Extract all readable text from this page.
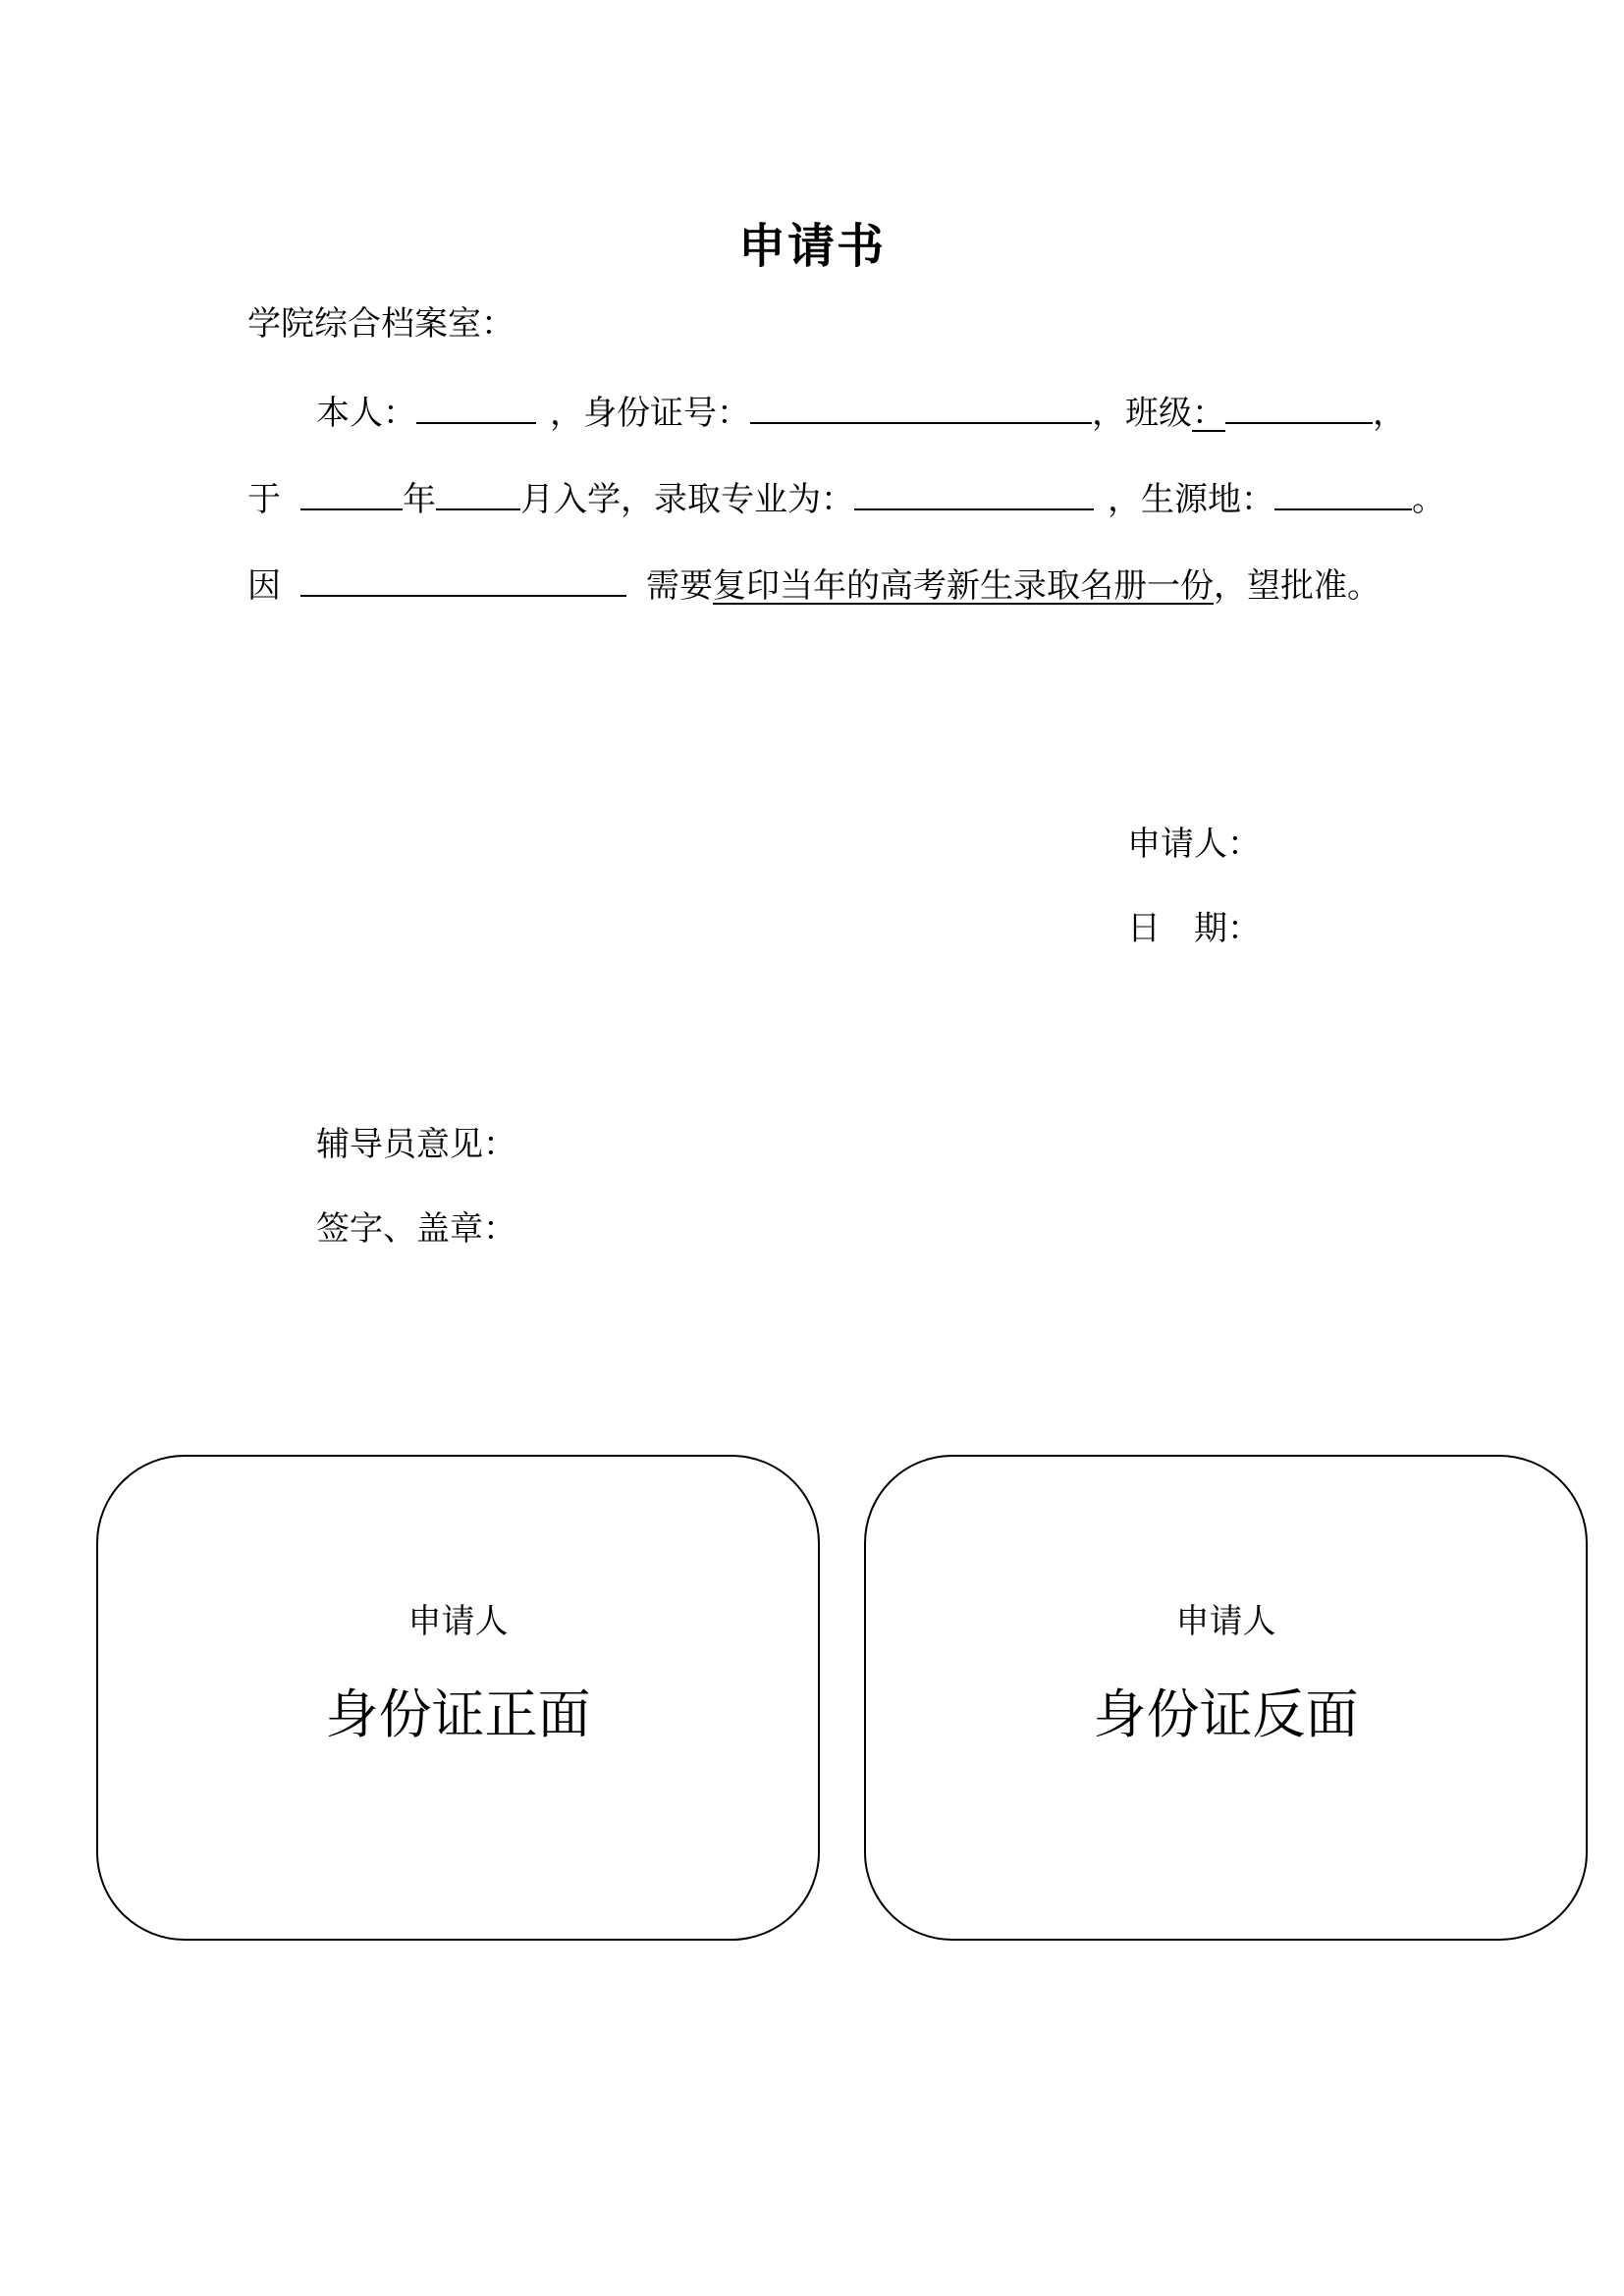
申请书
学院综合档案室：
本人：	，身份证号：	，班级：	，
于	年	月入学，录取专业为：	，生源地：	。
因	需要复印当年的高考新生录取名册一份，望批准。
申请人：
日　期：
辅导员意见：
签字、盖章：
申请人
身份证正面
申请人
身份证反面
